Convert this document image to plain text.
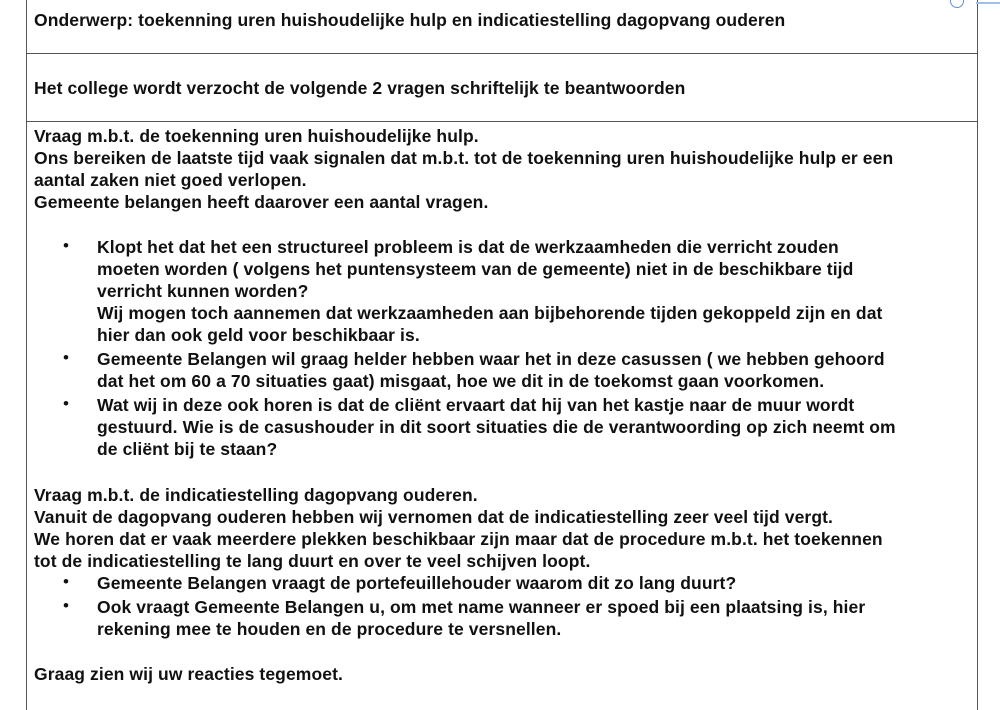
Onderwerp: toekenning uren huishoudelijke hulp en indicatiestelling dagopvang ouderen
Het college wordt verzocht de volgende 2 vragen schriftelijk te beantwoorden
Vraag m.b.t. de toekenning uren huishoudelijke hulp.
Ons bereiken de laatste tijd vaak signalen dat m.b.t. tot de toekenning uren huishoudelijke hulp er een
aantal zaken niet goed verlopen.
Gemeente belangen heeft daarover een aantal vragen.
• Klopt het dat het een structureel probleem is dat de werkzaamheden die verricht zouden
moeten worden ( volgens het puntensysteem van de gemeente) niet in de beschikbare tijd
verricht kunnen worden?
Wij mogen toch aannemen dat werkzaamheden aan bijbehorende tijden gekoppeld zijn en dat
hier dan ook geld voor beschikbaar is.
• Gemeente Belangen wil graag helder hebben waar het in deze casussen ( we hebben gehoord
dat het om 60 a 70 situaties gaat) misgaat, hoe we dit in de toekomst gaan voorkomen.
• Wat wij in deze ook horen is dat de cliënt ervaart dat hij van het kastje naar de muur wordt
gestuurd. Wie is de casushouder in dit soort situaties die de verantwoording op zich neemt om
de cliënt bij te staan?
Vraag m.b.t. de indicatiestelling dagopvang ouderen.
Vanuit de dagopvang ouderen hebben wij vernomen dat de indicatiestelling zeer veel tijd vergt.
We horen dat er vaak meerdere plekken beschikbaar zijn maar dat de procedure m.b.t. het toekennen
tot de indicatiestelling te lang duurt en over te veel schijven loopt.
• Gemeente Belangen vraagt de portefeuillehouder waarom dit zo lang duurt?
• Ook vraagt Gemeente Belangen u, om met name wanneer er spoed bij een plaatsing is, hier
rekening mee te houden en de procedure te versnellen.
Graag zien wij uw reacties tegemoet.
